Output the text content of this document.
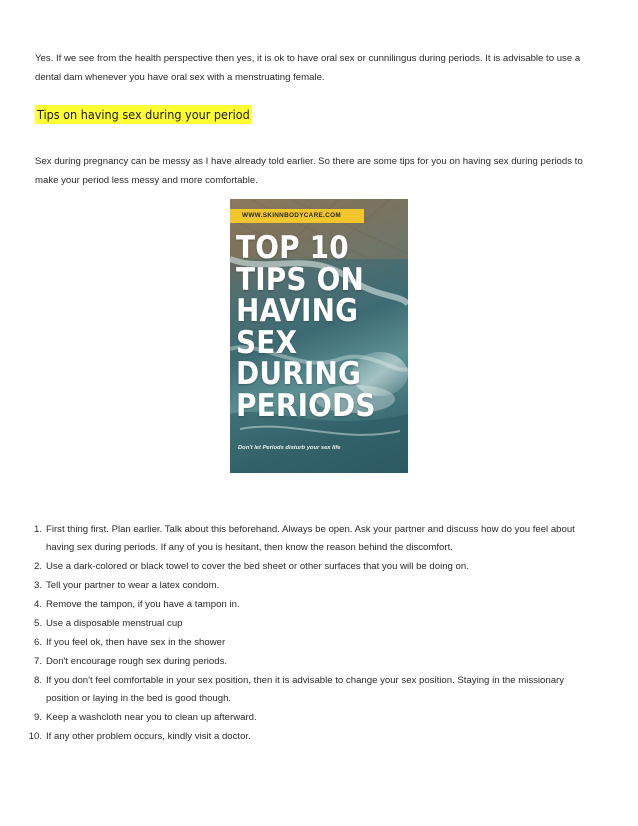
Yes. If we see from the health perspective then yes, it is ok to have oral sex or cunnilingus during periods. It is advisable to use a dental dam whenever you have oral sex with a menstruating female.

Tips on having sex during your period

Sex during pregnancy can be messy as I have already told earlier. So there are some tips for you on having sex during periods to make your period less messy and more comfortable.

WWW.SKINNBODYCARE.COM
TOP 10
TIPS ON
HAVING
SEX
DURING
PERIODS
Don't let Periods disturb your sex life
1. First thing first. Plan earlier. Talk about this beforehand. Always be open. Ask your partner and discuss how do you feel about having sex during periods. If any of you is hesitant, then know the reason behind the discomfort.
2. Use a dark-colored or black towel to cover the bed sheet or other surfaces that you will be doing on.
3. Tell your partner to wear a latex condom.
4. Remove the tampon, if you have a tampon in.
5. Use a disposable menstrual cup
6. If you feel ok, then have sex in the shower
7. Don't encourage rough sex during periods.
8. If you don't feel comfortable in your sex position, then it is advisable to change your sex position. Staying in the missionary position or laying in the bed is good though.
9. Keep a washcloth near you to clean up afterward.
10. If any other problem occurs, kindly visit a doctor.
